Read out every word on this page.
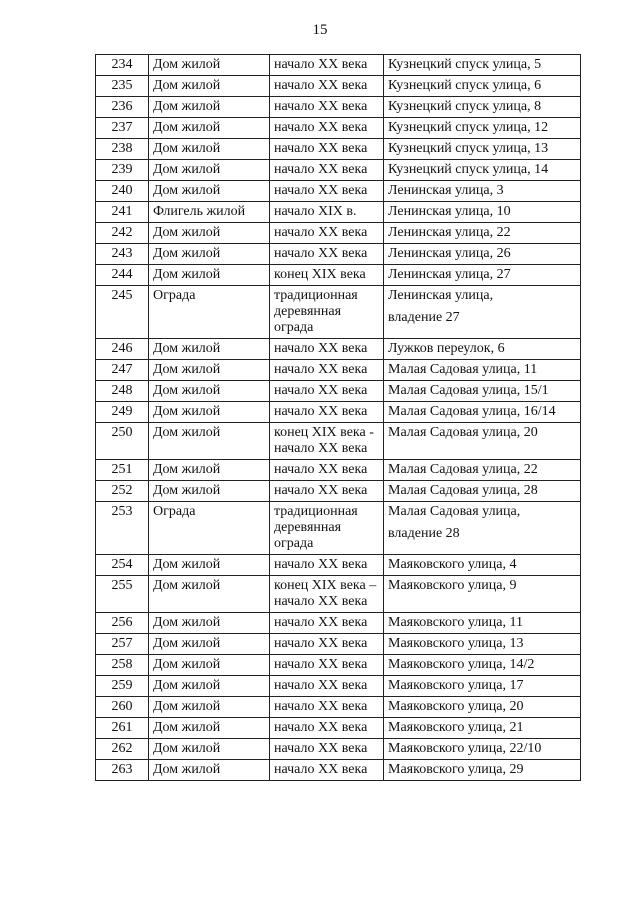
15
234	Дом жилой	начало XX века	Кузнецкий спуск улица, 5

235	Дом жилой	начало XX века	Кузнецкий спуск улица, 6

236	Дом жилой	начало XX века	Кузнецкий спуск улица, 8

237	Дом жилой	начало XX века	Кузнецкий спуск улица, 12

238	Дом жилой	начало XX века	Кузнецкий спуск улица, 13

239	Дом жилой	начало XX века	Кузнецкий спуск улица, 14

240	Дом жилой	начало XX века	Ленинская улица, 3

241	Флигель жилой	начало XIX в.	Ленинская улица, 10

242	Дом жилой	начало XX века	Ленинская улица, 22

243	Дом жилой	начало XX века	Ленинская улица, 26

244	Дом жилой	конец XIX века	Ленинская улица, 27

245	Ограда	традиционная деревянная ограда	Ленинская улица,
владение 27

246	Дом жилой	начало XX века	Лужков переулок, 6

247	Дом жилой	начало XX века	Малая Садовая улица, 11

248	Дом жилой	начало XX века	Малая Садовая улица, 15/1

249	Дом жилой	начало XX века	Малая Садовая улица, 16/14

250	Дом жилой	конец XIX века - начало XX века	Малая Садовая улица, 20

251	Дом жилой	начало XX века	Малая Садовая улица, 22

252	Дом жилой	начало XX века	Малая Садовая улица, 28

253	Ограда	традиционная деревянная ограда	Малая Садовая улица,
владение 28

254	Дом жилой	начало XX века	Маяковского улица, 4

255	Дом жилой	конец XIX века – начало XX века	Маяковского улица, 9

256	Дом жилой	начало XX века	Маяковского улица, 11

257	Дом жилой	начало XX века	Маяковского улица, 13

258	Дом жилой	начало XX века	Маяковского улица, 14/2

259	Дом жилой	начало XX века	Маяковского улица, 17

260	Дом жилой	начало XX века	Маяковского улица, 20

261	Дом жилой	начало XX века	Маяковского улица, 21

262	Дом жилой	начало XX века	Маяковского улица, 22/10

263	Дом жилой	начало XX века	Маяковского улица, 29
